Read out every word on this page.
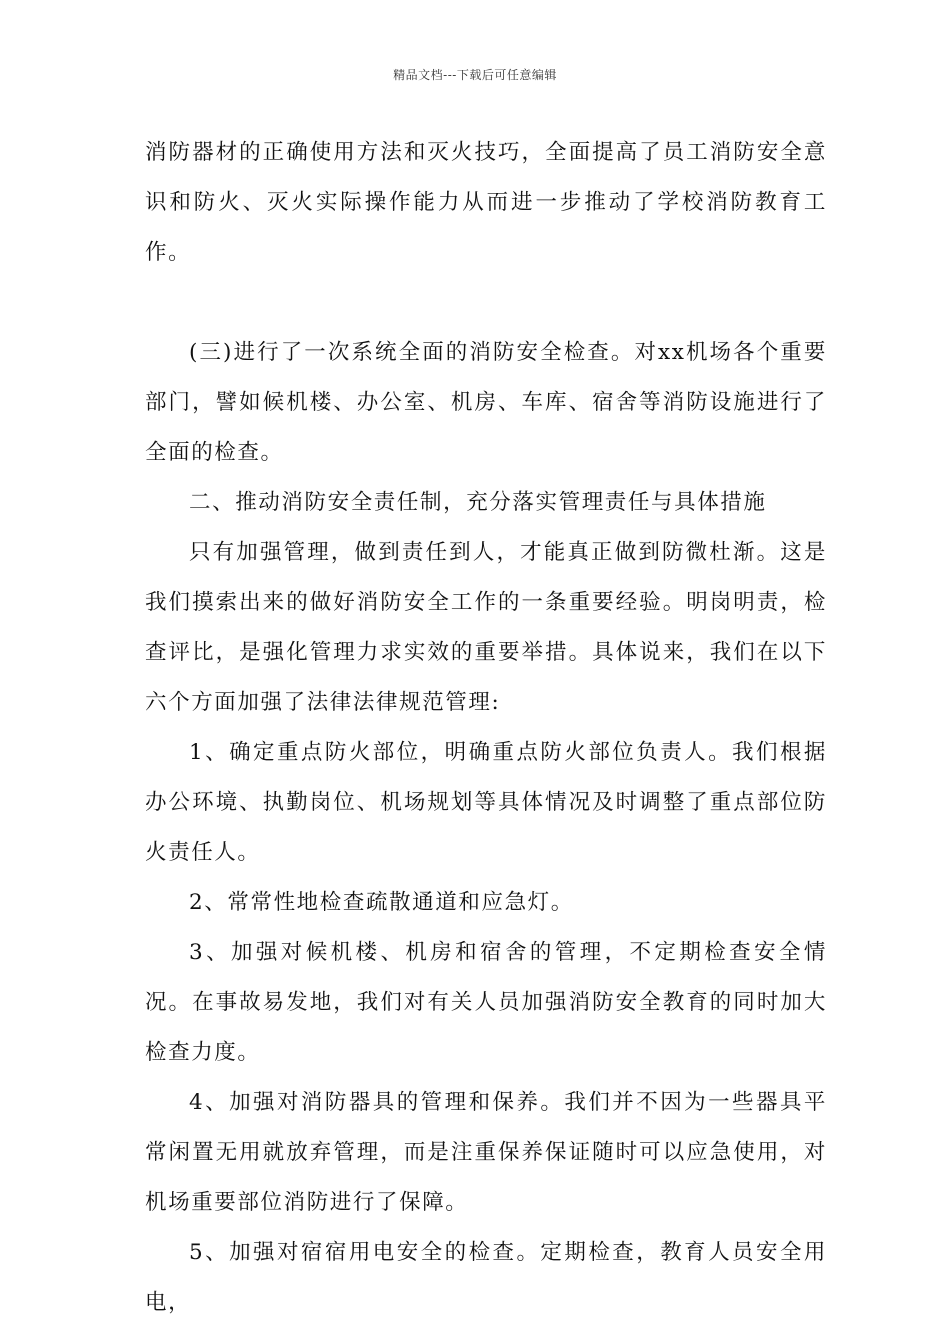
精品文档---下载后可任意编辑

消防器材的正确使用方法和灭火技巧，全面提高了员工消防安全意识和防火、灭火实际操作能力从而进一步推动了学校消防教育工作。

(三)进行了一次系统全面的消防安全检查。对xx机场各个重要部门，譬如候机楼、办公室、机房、车库、宿舍等消防设施进行了全面的检查。

二、推动消防安全责任制，充分落实管理责任与具体措施

只有加强管理，做到责任到人，才能真正做到防微杜渐。这是我们摸索出来的做好消防安全工作的一条重要经验。明岗明责，检查评比，是强化管理力求实效的重要举措。具体说来，我们在以下六个方面加强了法律法律规范管理:

1、确定重点防火部位，明确重点防火部位负责人。我们根据办公环境、执勤岗位、机场规划等具体情况及时调整了重点部位防火责任人。

2、常常性地检查疏散通道和应急灯。

3、加强对候机楼、机房和宿舍的管理，不定期检查安全情况。在事故易发地，我们对有关人员加强消防安全教育的同时加大检查力度。

4、加强对消防器具的管理和保养。我们并不因为一些器具平常闲置无用就放弃管理，而是注重保养保证随时可以应急使用，对机场重要部位消防进行了保障。

5、加强对宿宿用电安全的检查。定期检查，教育人员安全用电，
